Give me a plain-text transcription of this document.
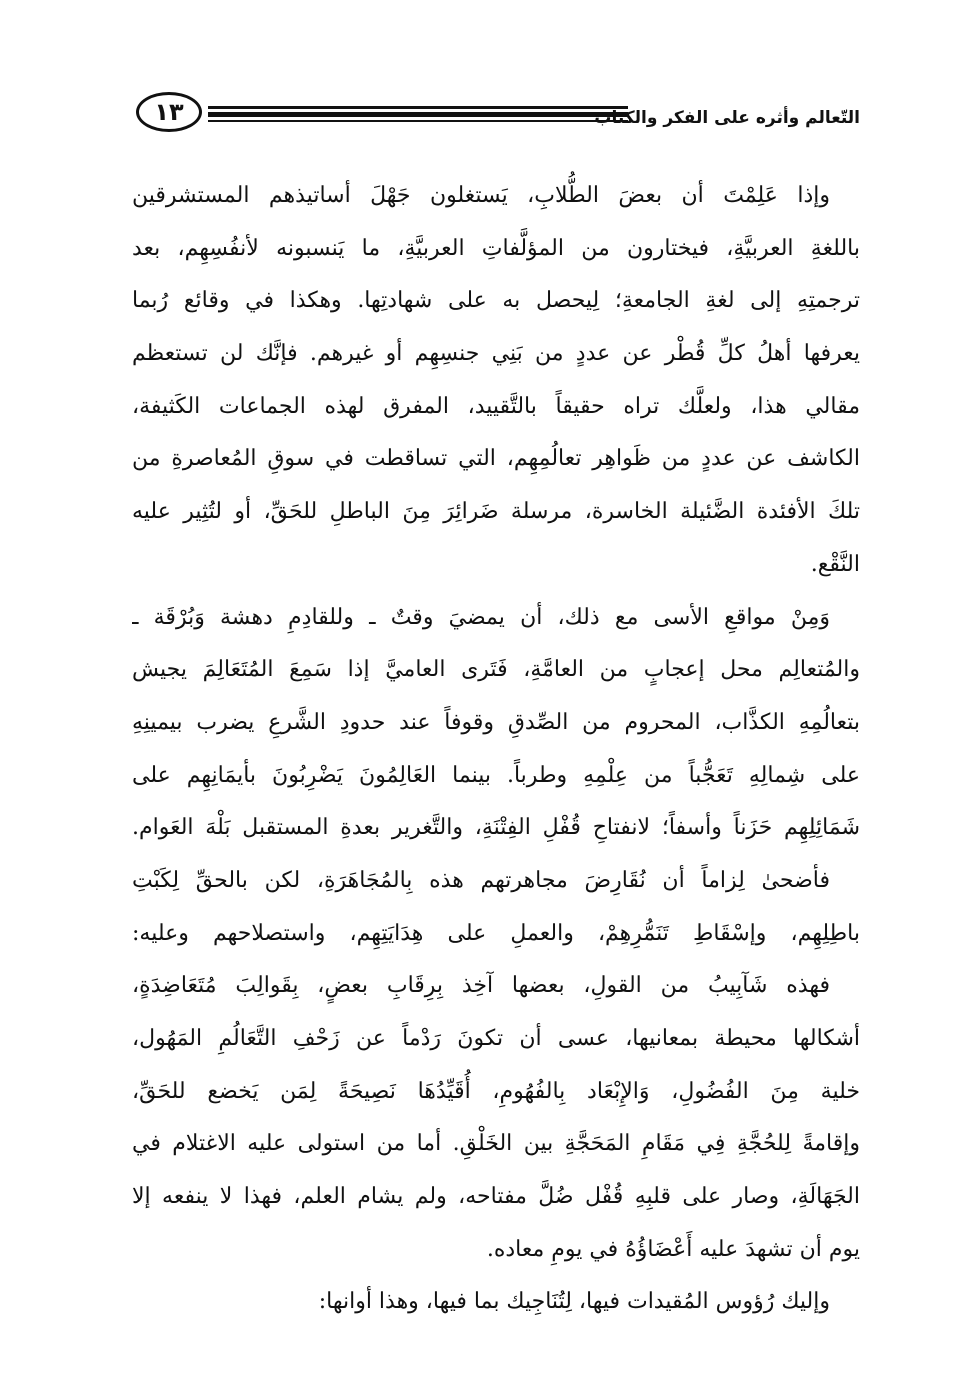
١٣	التّعالم وأثره على الفكر والكتاب
وإذا عَلِمْتَ أن بعضَ الطُّلابِ، يَستغلون جَهْلَ أساتيذهم المستشرقين
باللغةِ العربيَّةِ، فيختارون من المؤلَّفاتِ العربيَّةِ، ما يَنسبونه لأنفُسِهِم، بعد
ترجمتِهِ إلى لغةِ الجامعةِ؛ لِيحصل به على شهادتِها. وهكذا في وقائع رُبما
يعرفها أهلُ كلِّ قُطْر عن عددٍ من بَنِي جنسِهِم أو غيرهم. فإنَّك لن تستعظم
مقالي هذا، ولعلَّك تراه حقيقاً بالتَّقييد، المفرق لهذه الجماعات الكَثيفة،
الكاشف عن عددٍ من ظَواهِر تعالُمِهِم، التي تساقطت في سوقِ المُعاصرةِ من
تلكَ الأفئدة الضَّئيلة الخاسرة، مرسلة ضَرائِرَ مِنَ الباطلِ للحَقِّ، أو لتُثِير عليه
النَّقْع.
وَمِنْ مواقعِ الأسى مع ذلك، أن يمضيَ وقتٌ ـ وللقادِمِ دهشة وَبُرْقَة ـ
والمُتعالِم محل إعجابٍ من العامَّةِ، فَتَرى العاميَّ إذا سَمِعَ المُتَعَالِمَ يجيش
بتعالُمِهِ الكذَّاب، المحروم من الصِّدقِ وقوفاً عند حدودِ الشَّرعِ يضرب بيمينِهِ
على شِمالِهِ تَعَجُّباً من عِلْمِهِ وطرباً. بينما العَالِمُونَ يَضْرِبُونَ بأيمَانِهِم على
شَمَائِلِهِم حَزَناً وأسفاً؛ لانفتاحِ قُفْلِ الفِتْنَةِ، والتَّغرير بعدةِ المستقبل بَلْهَ العَوام.
فأضحىٰ لِزاماً أن نُقَارِضَ مجاهرتهم هذه بِالمُجَاهَرَةِ، لكن بالحقِّ لِكَبْتِ
باطِلِهِم، وإسْقَاطِ تَنَمُّرِهِمْ، والعملِ على هِدَايَتِهِم، واستصلاحهم وعليه:
فهذه شَآبِيبُ من القولِ، بعضها آخِذ بِرِقَابِ بعضٍ، بِقَوالِبَ مُتَعَاضِدَةٍ،
أشكالها محيطة بمعانيها، عسى أن تكونَ رَدْماً عن زَحْفِ التَّعَالُمِ المَهُول،
خلية مِنَ الفُضُولِ، وَالإِبْعَاد بِالفُهُومِ، أُقَيِّدُهَا نَصِيحَةً لِمَن يَخضع للحَقِّ،
وإقامةً لِلحُجَّةِ فِي مَقَامِ المَحَجَّةِ بين الخَلْقِ. أما من استولى عليه الاغتلام في
الجَهَالَةِ، وصار على قلبِهِ قُفْل ضُلَّ مفتاحه، ولم يشام العلم، فهذا لا ينفعه إلا
يوم أن تشهدَ عليه أَعْضَاؤُهُ في يومِ معاده.
وإليك رُؤوس المُقيدات فيها، لِتُنَاجِيك بما فيها، وهذا أوانها:
